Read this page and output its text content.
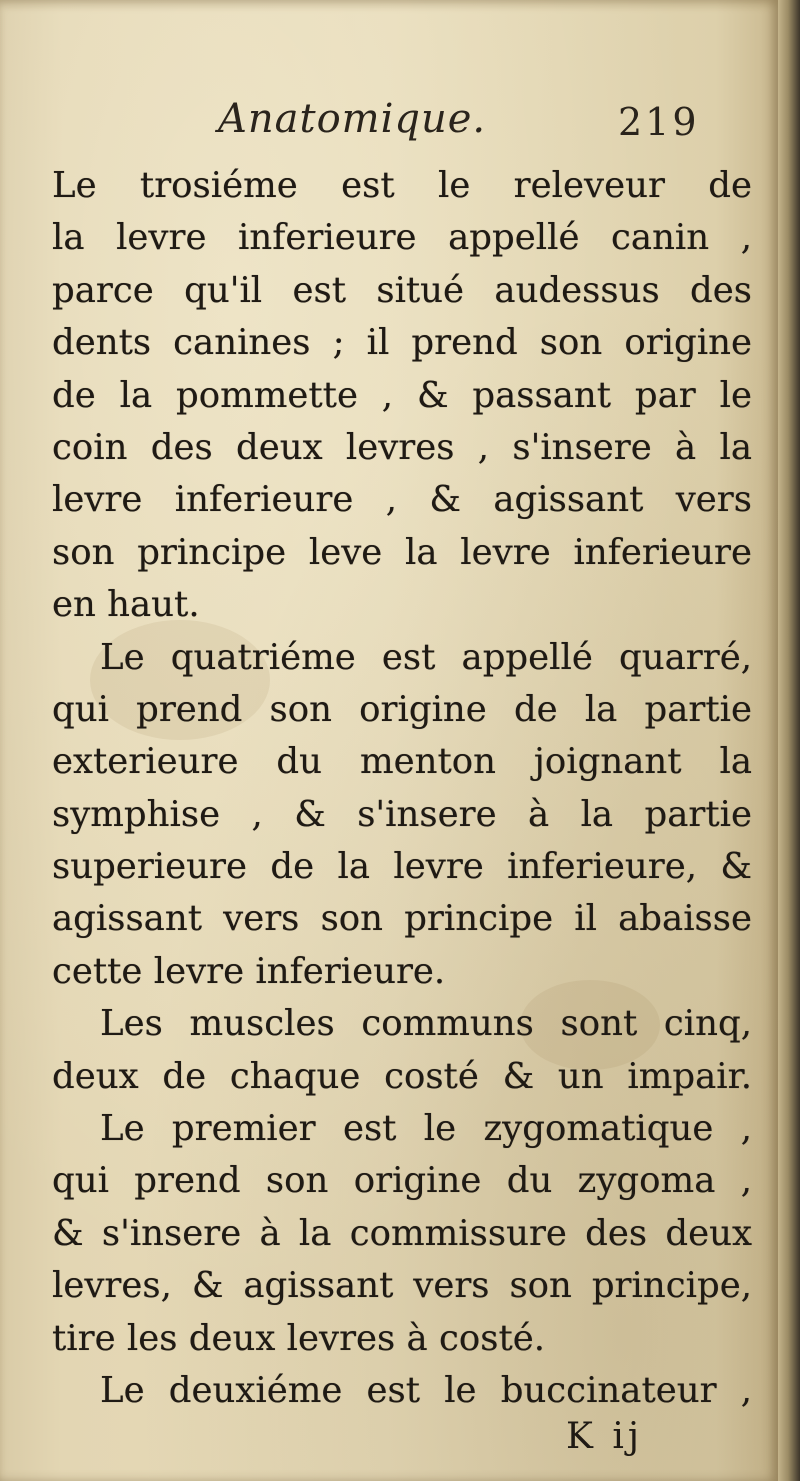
Anatomique.	219
Le trosiéme est le releveur de
la levre inferieure appellé canin ,
parce qu'il est situé audessus des
dents canines ; il prend son origine
de la pommette , & passant par le
coin des deux levres , s'insere à la
levre inferieure , & agissant vers
son principe leve la levre inferieure
en haut.
Le quatriéme est appellé quarré,
qui prend son origine de la partie
exterieure du menton joignant la
symphise , & s'insere à la partie
superieure de la levre inferieure, &
agissant vers son principe il abaisse
cette levre inferieure.
Les muscles communs sont cinq,
deux de chaque costé & un impair.
Le premier est le zygomatique ,
qui prend son origine du zygoma ,
& s'insere à la commissure des deux
levres, & agissant vers son principe,
tire les deux levres à costé.
Le deuxiéme est le buccinateur ,
K ij
